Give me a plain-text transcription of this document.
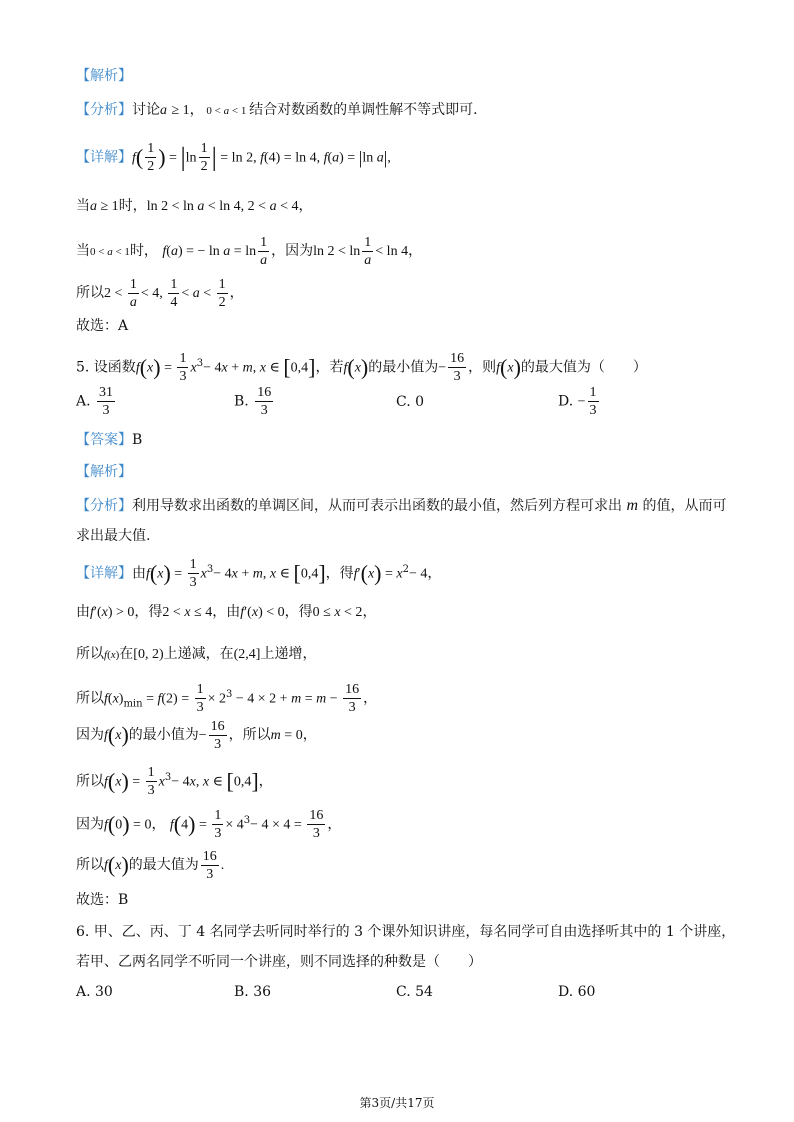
【解析】
【分析】讨论a ≥ 1， 0 < a < 1 结合对数函数的单调性解不等式即可.
【详解】$f( \frac{1}{2}$ ) = $|\ln \frac{1}{2}$ | = ln 2, f(4) = ln 4, f(a) = |ln a|,
当a ≥ 1时，ln 2 < ln a < ln 4, 2 < a < 4，
当0 < a < 1时， f(a) = − $\ln a = \ln \frac{1}{a}$ ，因为$\ln 2 < \ln \frac{1}{a} < \ln 4$，
所以$2 < \frac{1}{a} < 4$, $\frac{1}{4} < a < \frac{1}{2}$ ，
故选：A
5. 设函数$f(x) = \frac{1}{3} x^3- 4x + m$, x ∈ [0,4]，若f(x)的最小值为− $\frac{16}{3}$ ，则f(x)的最大值为（　　）
A. $\frac{31}{3}$	B. $\frac{16}{3}$	C. 0	D. − $\frac{1}{3}$
【答案】B
【解析】
【分析】利用导数求出函数的单调区间，从而可表示出函数的最小值，然后列方程可求出 m 的值，从而可
求出最大值.
【详解】由$f(x) = \frac{1}{3} x^3- 4x + m$, x ∈ [0,4]，得$f'(x) = x^2- 4$，
由f′(x) > 0，得2 < x ≤ 4，由f′(x) < 0，得0 ≤ x < 2，
所以f(x)在[0, 2)上递减，在(2,4]上递增，
所以$f(x)_{min} = f(2) = \frac{1}{3} \times 2^3 - 4 \times 2 + m = m - \frac{16}{3}$ ，
因为f(x)的最小值为− $\frac{16}{3}$ ，所以m = 0，
所以$f(x) = \frac{1}{3} x^3- 4x$, x ∈ [0,4]，
因为f(0) = 0， $f(4) = \frac{1}{3} \times 4^3- 4 \times 4 = \frac{16}{3}$ ，
所以f(x)的最大值为 $\frac{16}{3}$ .
故选：B
6. 甲、乙、丙、丁 4 名同学去听同时举行的 3 个课外知识讲座，每名同学可自由选择听其中的 1 个讲座，
若甲、乙两名同学不听同一个讲座，则不同选择的种数是（　　）
A. 30	B. 36	C. 54	D. 60
第3页/共17页
